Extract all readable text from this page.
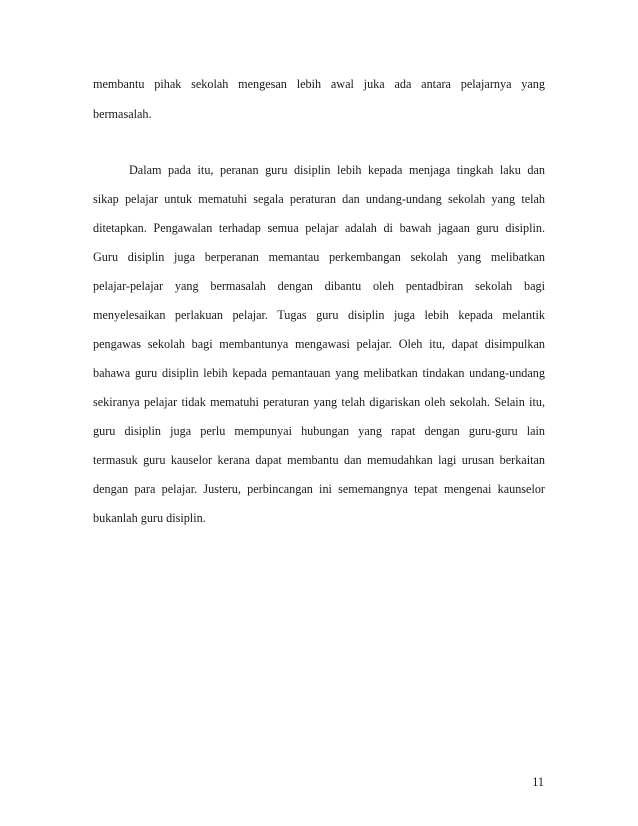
membantu pihak sekolah mengesan lebih awal juka ada antara pelajarnya yang
bermasalah.
Dalam pada itu, peranan guru disiplin lebih kepada menjaga tingkah laku dan
sikap pelajar untuk mematuhi segala peraturan dan undang-undang sekolah yang telah
ditetapkan. Pengawalan terhadap semua pelajar adalah di bawah jagaan guru disiplin.
Guru disiplin juga berperanan memantau perkembangan sekolah yang melibatkan
pelajar-pelajar yang bermasalah dengan dibantu oleh pentadbiran sekolah bagi
menyelesaikan perlakuan pelajar. Tugas guru disiplin juga lebih kepada melantik
pengawas sekolah bagi membantunya mengawasi pelajar. Oleh itu, dapat disimpulkan
bahawa guru disiplin lebih kepada pemantauan yang melibatkan tindakan undang-undang
sekiranya pelajar tidak mematuhi peraturan yang telah digariskan oleh sekolah. Selain itu,
guru disiplin juga perlu mempunyai hubungan yang rapat dengan guru-guru lain
termasuk guru kauselor kerana dapat membantu dan memudahkan lagi urusan berkaitan
dengan para pelajar. Justeru, perbincangan ini sememangnya tepat mengenai kaunselor
bukanlah guru disiplin.
11
